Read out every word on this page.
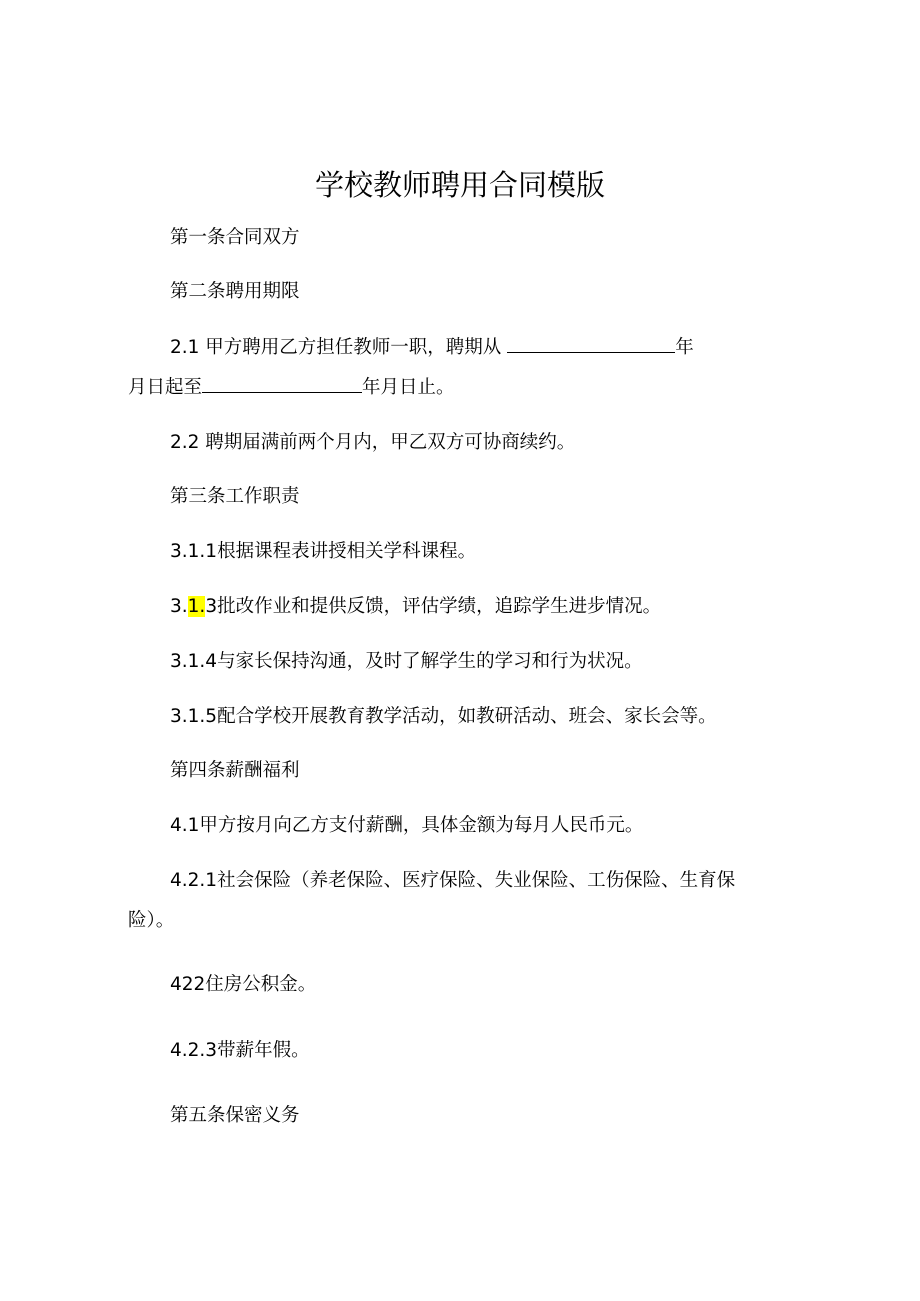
学校教师聘用合同模版
第一条合同双方
第二条聘用期限
2.1 甲方聘用乙方担任教师一职，聘期从	年
月日起至	年月日止。
2.2 聘期届满前两个月内，甲乙双方可协商续约。
第三条工作职责
3.1.1根据课程表讲授相关学科课程。
3.1.3批改作业和提供反馈，评估学绩，追踪学生进步情况。
3.1.4与家长保持沟通，及时了解学生的学习和行为状况。
3.1.5配合学校开展教育教学活动，如教研活动、班会、家长会等。
第四条薪酬福利
4.1甲方按月向乙方支付薪酬，具体金额为每月人民币元。
4.2.1社会保险（养老保险、医疗保险、失业保险、工伤保险、生育保
险）。
422住房公积金。
4.2.3带薪年假。
第五条保密义务
